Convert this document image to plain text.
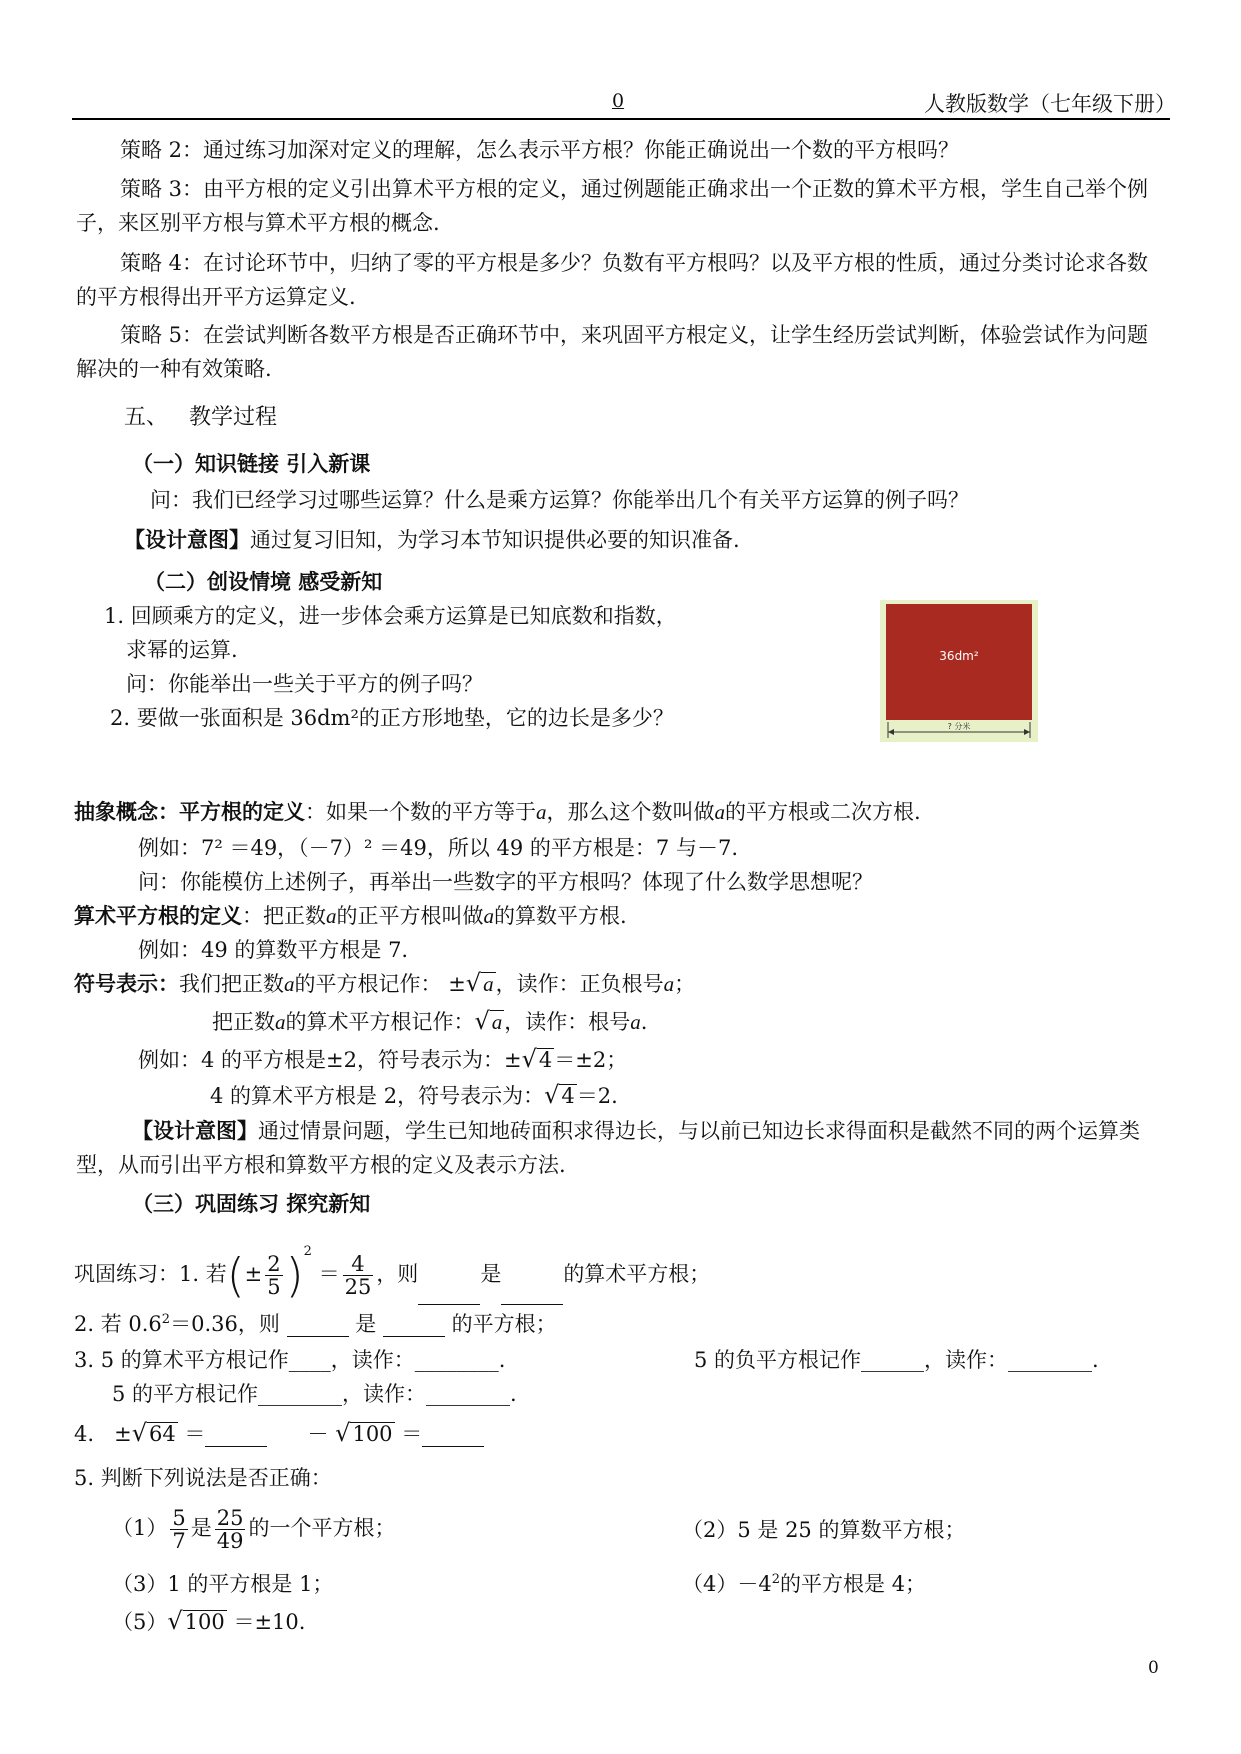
0	人教版数学（七年级下册）
策略 2：通过练习加深对定义的理解，怎么表示平方根？你能正确说出一个数的平方根吗？
策略 3：由平方根的定义引出算术平方根的定义，通过例题能正确求出一个正数的算术平方根，学生自己举个例子，来区别平方根与算术平方根的概念.
策略 4：在讨论环节中，归纳了零的平方根是多少？负数有平方根吗？以及平方根的性质，通过分类讨论求各数的平方根得出开平方运算定义.
策略 5：在尝试判断各数平方根是否正确环节中，来巩固平方根定义，让学生经历尝试判断，体验尝试作为问题解决的一种有效策略.
五、 教学过程
（一）知识链接 引入新课
问：我们已经学习过哪些运算？什么是乘方运算？你能举出几个有关平方运算的例子吗？
【设计意图】通过复习旧知，为学习本节知识提供必要的知识准备.
（二）创设情境 感受新知
1. 回顾乘方的定义，进一步体会乘方运算是已知底数和指数，
求幂的运算.
问：你能举出一些关于平方的例子吗？
2. 要做一张面积是 36dm²的正方形地垫，它的边长是多少？
36dm²
? 分米
抽象概念：平方根的定义：如果一个数的平方等于a，那么这个数叫做a的平方根或二次方根.
例如：7² ＝49，（－7）² ＝49，所以 49 的平方根是：7 与－7.
问：你能模仿上述例子，再举出一些数字的平方根吗？体现了什么数学思想呢？
算术平方根的定义：把正数a的正平方根叫做a的算数平方根.
例如：49 的算数平方根是 7.
符号表示：我们把正数a的平方根记作： ±√a，读作：正负根号a；
把正数a的算术平方根记作：√a，读作：根号a.
例如：4 的平方根是±2，符号表示为：±√4＝±2；
4 的算术平方根是 2，符号表示为：√4＝2.
【设计意图】通过情景问题，学生已知地砖面积求得边长，与以前已知边长求得面积是截然不同的两个运算类型，从而引出平方根和算数平方根的定义及表示方法.
（三）巩固练习 探究新知
巩固练习：1. 若(± $\frac{2}{5} )^2 = \frac{4}{25}$ ，则	是	的算术平方根；
2. 若 $0.6^2=0.36$，则	是	的平方根；
3. 5 的算术平方根记作____，读作：________.	5 的负平方根记作______，读作：________.
5 的平方根记作________，读作：________.
4. ±√64 ＝	－ √100 ＝
5. 判断下列说法是否正确：
$(1) \frac{5}{7}$ 是 $\frac{25}{49}$ 的一个平方根；	（2）5 是 25 的算数平方根；
（3）1 的平方根是 1；	$(4)-4^2$的平方根是 4；
（5）√100 ＝±10.
0
